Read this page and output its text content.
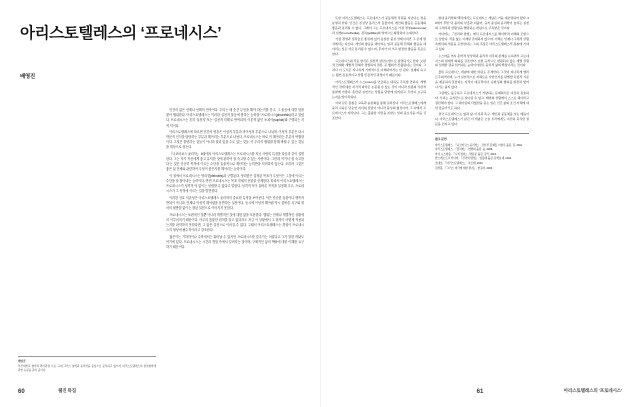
아리스토텔레스의 ‘프로네시스’
배영진

인간의 삶은 언제나 선택의 연속이다. 우리는 매 순간 무엇을 해야 하는가를 묻고, 그 물음에 대한 답을 찾아 행위한다. 아리스토텔레스는 이러한 실천적 물음에 답하는 능력을 ‘프로네시스(phronēsis)’라고 불렀다. 프로네시스는 흔히 ‘실천지’ 또는 ‘실천적 지혜’로 번역되며, 이론적 앎인 ‘소피아(sophia)’와 구별되는 지적 덕이다.

아리스토텔레스에 따르면 인간의 영혼은 이성적 부분과 비이성적 부분으로 나뉘며, 이성적 부분은 다시 학문적 인식을 담당하는 부분과 헤아리는 부분으로 나뉜다. 프로네시스는 바로 이 헤아리는 부분의 탁월함이다. 그것은 불변하는 것들이 아니라 달리 있을 수도 있는 것들, 즉 우리의 행위를 통해 바뀔 수 있는 것들을 대상으로 삼는다.

『니코마코스 윤리학』 6권에서 아리스토텔레스는 프로네시스를 지닌 사람의 특징을 다음과 같이 설명한다. 그는 자기 자신에게 좋고 유익한 것에 관하여 잘 숙고할 수 있는 사람이다. 그런데 여기서 ‘잘 숙고한다’는 것은 단순히 목적에 이르는 수단을 효율적으로 계산하는 능력만을 의미하지 않는다. 오히려 그것은 좋은 삶 전체와 관련하여 무엇이 좋은지를 헤아리는 능력이다.

이 점에서 프로네시스는 영리함(deinotēs)과 구별된다. 영리함은 설정된 목표가 무엇이든 그것에 이르는 수단을 잘 찾아내는 능력이다. 반면 프로네시스는 목표 자체의 선함을 전제한다. 따라서 아리스토텔레스는 프로네시스가 성격적 덕 없이는 성립할 수 없다고 말한다. 성격적 덕이 올바른 목적을 설정해 주고, 프로네시스가 그 목적에 이르는 길을 발견한다.

이러한 상호 의존성은 아리스토텔레스 윤리학의 중요한 특징을 보여준다. 덕은 단순한 습관이나 맹목적 반복이 아니라, 언제나 이성적 헤아림을 동반하는 실천이다. 동시에 이성적 헤아림 역시 올바른 욕구와 정서의 뒷받침 없이는 참된 실천으로 이어지지 못한다.

프로네시스는 보편적인 것뿐 아니라 개별적인 것에 대한 앎을 포함한다. 행위는 언제나 개별적인 상황에서 이루어지기 때문이다. 아무리 훌륭한 원칙을 알고 있더라도 지금 이 상황에서 그 원칙이 어떻게 적용되는지를 파악하지 못한다면, 그 앎은 실천으로 이어질 수 없다. 그래서 아리스토텔레스는 경험이 프로네시스의 형성에 필수적이라고 강조한다.

젊은이는 기하학이나 수학에서는 뛰어날 수 있지만 프로네시스를 갖추기는 어렵다고 그가 말한 까닭도 여기에 있다. 프로네시스는 시간과 경험 속에서 길러지는 것이며, 구체적인 삶의 맥락에 대한 이해를 요구하기 때문이다.

배영진
부산대학교 철학과 박사과정 수료. 고대 그리스 철학과 윤리학을 중심으로 공부하고 있으며, 아리스토텔레스의 실천철학에 관한 논문을 준비 중이다.
60	웹진 특집

또한 아리스토텔레스는 프로네시스가 공동체적 차원을 지닌다는 점을 분명히 한다. 인간은 본성상 폴리스적 동물이며, 개인의 좋음은 공동체의 좋음과 분리될 수 없다. 그래서 그는 프로네시스를 가정 경영(oikonomia)과 입법(nomothetikē), 정치(politikē)의 영역으로 확장하여 논의한다.

가정 경영과 정치술은 종류에 있어 동일한 품성 상태이지만 그 존재 방식에서는 다르다. 개인의 좋음을 헤아리는 일과 공동체 전체의 좋음을 헤아리는 일은 서로 분리될 수 없으며, 후자가 더 크고 완전한 좋음을 목표로 한다.

프로네시스의 작동 방식은 실천적 삼단논법으로 설명되기도 한다. 보편적 전제와 개별적 전제가 결합하여 결론, 곧 행위가 산출된다는 것이다. 그러나 이 도식은 지나치게 기계적으로 이해되어서는 안 된다. 실제의 숙고는 훨씬 유동적이고 상황 민감적인 과정이기 때문이다.

아리스토텔레스가 누스(nous)를 언급하는 대목도 주목할 만하다. 개별적인 것에 대한 지각적 파악은 논증될 수 있는 것이 아니라 일종의 직관적 통찰에 가깝다. 훈련된 실천가는 상황을 단번에 읽어내고, 무엇이 요구되는지를 알아차린다.

이와 같은 통찰은 교육과 습관화를 통해 길러진다. 아리스토텔레스에게 윤리 교육은 단순한 지식의 전달이 아니라 품성의 형성이며, 그 속에서 프로네시스가 자라난다. 그는 훌륭한 사람을 본받는 일의 중요성을 거듭 강조한다.

현대 윤리학의 맥락에서도 프로네시스 개념은 거듭 재조명되어 왔다. 20세기 후반 덕 윤리의 부흥과 더불어, 규칙 중심의 윤리학이 놓치는 실천의 구체성과 상황성을 해명하는 개념으로 주목받은 것이다.

가다머는 『진리와 방법』에서 프로네시스를 해석학적 이해의 모범으로 삼았다. 적용 없는 이해란 존재하지 않으며, 이해는 언제나 구체적 상황 속에서의 적용을 포함한다는 그의 주장은 아리스토텔레스적 통찰에 기대고 있다.

누스바움 역시 문학적 상상력과 윤리적 지각의 관계를 논하면서 프로네시스의 현재적 의의를 강조한다. 보편 규칙으로 환원되지 않는 개별 상황의 섬세한 결을 읽어내는 능력이야말로 윤리적 삶의 핵심이라는 것이다.

물론 프로네시스 개념에 대한 비판도 존재한다. 그것이 지나치게 엘리트주의적이며, 누가 실천적으로 지혜로운 사람인지를 판별할 독립적 기준을 제공하지 못한다는 지적이 대표적이다. 순환성의 혐의를 완전히 벗어나기는 쉽지 않다.

그럼에도 불구하고 프로네시스가 겨냥하는 문제의식은 여전히 유효하다. 우리는 규칙만으로 살아갈 수 없고, 매번의 상황에서 스스로 헤아리고 결단해야 한다. 그 헤아림의 탁월함을 묻는 일은 인간 삶의 조건 자체에 대한 물음이기도 하다.

결국 프로네시스는 앎과 삶, 이성과 욕구, 개인과 공동체를 잇는 매듭이다. 아리스토텔레스가 남긴 이 개념은 오늘 우리에게도 여전히 묵직한 질문을 던지고 있다.

참고 문헌
아리스토텔레스, 『니코마코스 윤리학』, 강상진·김재홍·이창우 옮김, 길, 2011.
아리스토텔레스, 『정치학』, 천병희 옮김, 숲, 2009.
마사 누스바움, 『시적 정의』, 박용준 옮김, 궁리, 2013.
한스게오르크 가다머, 『진리와 방법』, 임홍배 옮김, 문학동네, 2012.
조대호, 『아리스토텔레스』, 아르테, 2019.
김상봉, 『그리스 비극에 대한 편지』, 한길사, 2003.
61	아리스토텔레스의 ‘프로네시스’
